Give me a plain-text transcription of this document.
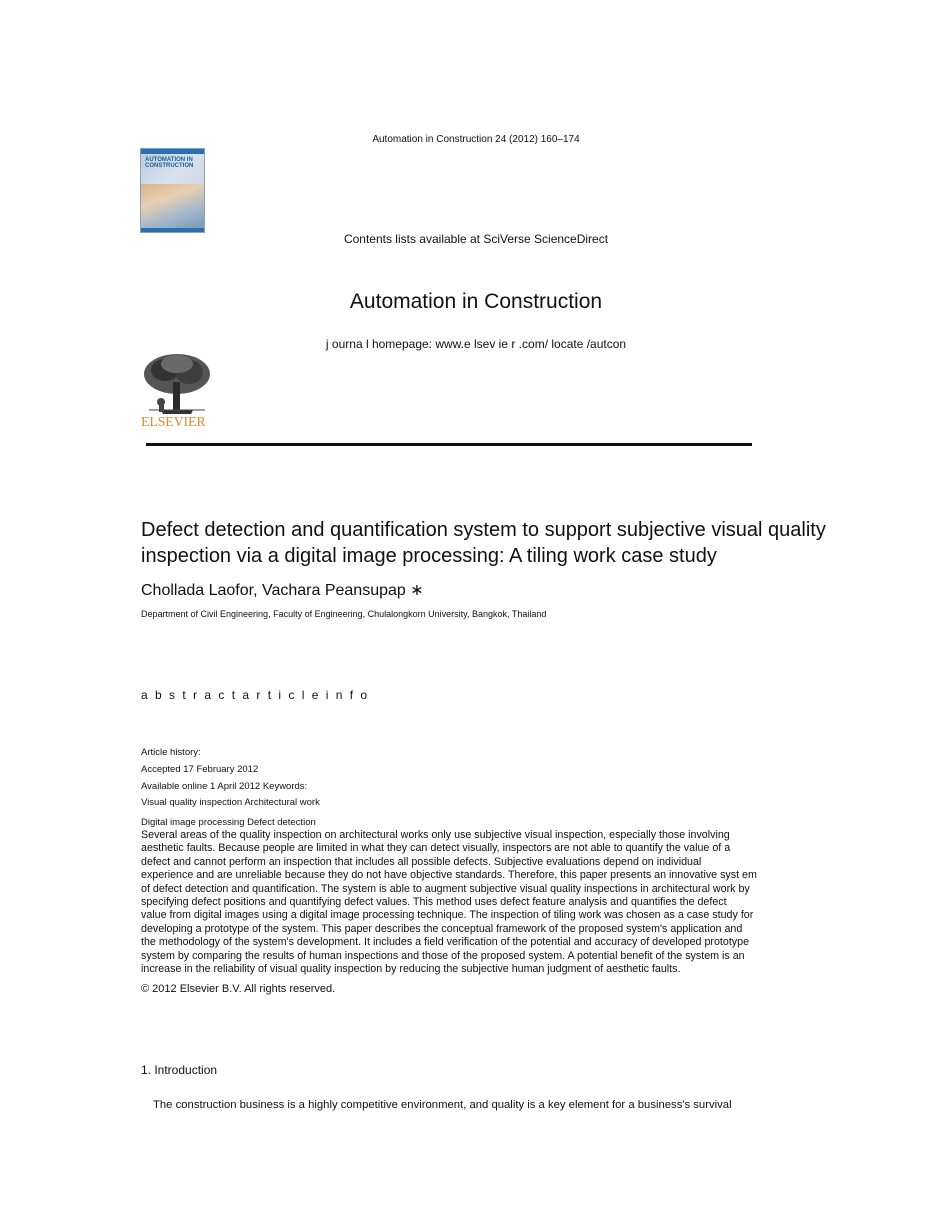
Automation in Construction 24 (2012) 160–174
AUTOMATION IN CONSTRUCTION
Contents lists available at SciVerse ScienceDirect
Automation in Construction
j ourna l homepage: www.e lsev ie r .com/ locate /autcon
ELSEVIER
Defect detection and quantification system to support subjective visual quality inspection via a digital image processing: A tiling work case study
Chollada Laofor, Vachara Peansupap ∗
Department of Civil Engineering, Faculty of Engineering, Chulalongkorn University, Bangkok, Thailand
a b s t r a c t a r t i c l e i n f o
Article history:
Accepted 17 February 2012
Available online 1 April 2012 Keywords:
Visual quality inspection Architectural work
Digital image processing Defect detection

Several areas of the quality inspection on architectural works only use subjective visual inspection, especially those involving

aesthetic faults. Because people are limited in what they can detect visually, inspectors are not able to quantify the value of a

defect and cannot perform an inspection that includes all possible defects. Subjective evaluations depend on individual

experience and are unreliable because they do not have objective standards. Therefore, this paper presents an innovative syst em

of defect detection and quantification. The system is able to augment subjective visual quality inspections in architectural work by

specifying defect positions and quantifying defect values. This method uses defect feature analysis and quantifies the defect

value from digital images using a digital image processing technique. The inspection of tiling work was chosen as a case study for

developing a prototype of the system. This paper describes the conceptual framework of the proposed system's application and

the methodology of the system's development. It includes a field verification of the potential and accuracy of developed prototype

system by comparing the results of human inspections and those of the proposed system. A potential benefit of the system is an

increase in the reliability of visual quality inspection by reducing the subjective human judgment of aesthetic faults.

© 2012 Elsevier B.V. All rights reserved.
1. Introduction
The construction business is a highly competitive environment, and quality is a key element for a business's survival
